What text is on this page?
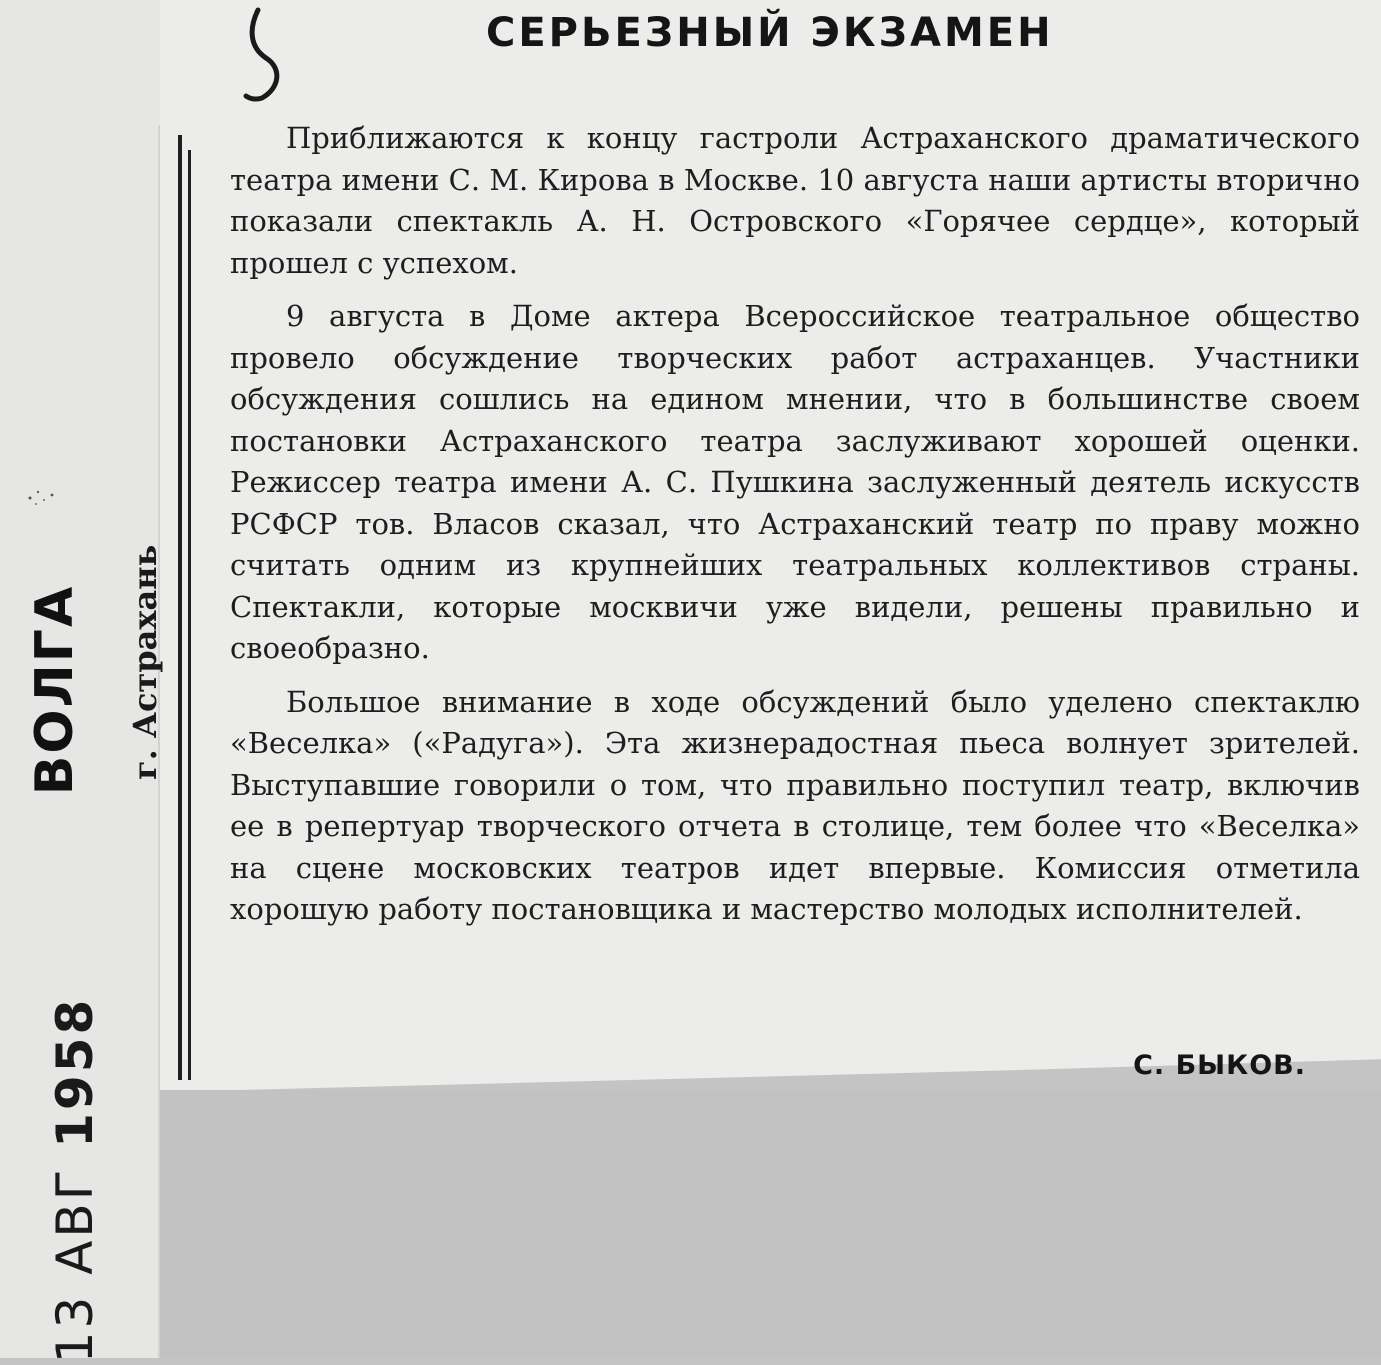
СЕРЬЕЗНЫЙ ЭКЗАМЕН

Приближаются к концу гастроли Астраханского драматического театра имени С. М. Кирова в Москве. 10 августа наши артисты вторично показали спектакль А. Н. Островского «Горячее сердце», который прошел с успехом.

9 августа в Доме актера Всероссийское театральное общество провело обсуждение творческих работ астраханцев. Участники обсуждения сошлись на едином мнении, что в большинстве своем постановки Астраханского театра заслуживают хорошей оценки. Режиссер театра имени А. С. Пушкина заслуженный деятель искусств РСФСР тов. Власов сказал, что Астраханский театр по праву можно считать одним из крупнейших театральных коллективов страны. Спектакли, которые москвичи уже видели, решены правильно и своеобразно.

Большое внимание в ходе обсуждений было уделено спектаклю «Веселка» («Радуга»). Эта жизнерадостная пьеса волнует зрителей. Выступавшие говорили о том, что правильно поступил театр, включив ее в репертуар творческого отчета в столице, тем более что «Веселка» на сцене московских театров идет впервые. Комиссия отметила хорошую работу постановщика и мастерство молодых исполнителей.

С. БЫКОВ.
ВОЛГА г. Астрахань
13 АВГ 1958
